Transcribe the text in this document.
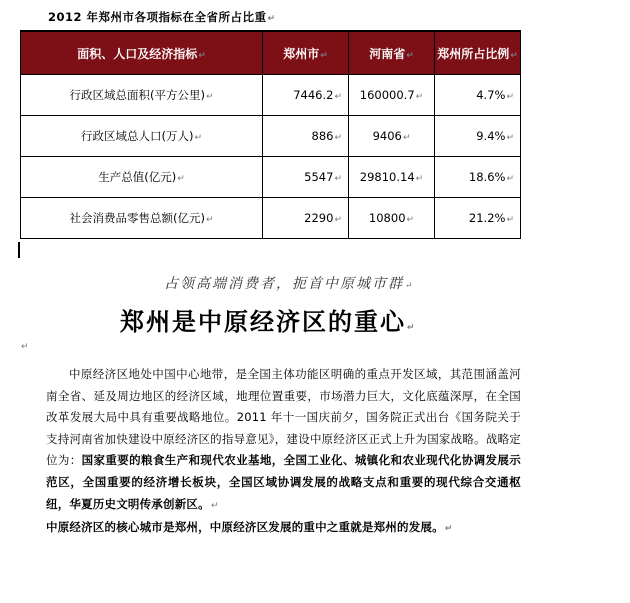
2012 年郑州市各项指标在全省所占比重↵
面积、人口及经济指标↵	郑州市↵	河南省↵	郑州所占比例↵
行政区域总面积(平方公里)↵	7446.2↵	160000.7↵	4.7%↵
行政区域总人口(万人)↵	886↵	9406↵	9.4%↵
生产总值(亿元)↵	5547↵	29810.14↵	18.6%↵
社会消费品零售总额(亿元)↵	2290↵	10800↵	21.2%↵
占领高端消费者，扼首中原城市群↵
郑州是中原经济区的重心↵
↵

中原经济区地处中国中心地带，是全国主体功能区明确的重点开发区域，其范围涵盖河南全省、延及周边地区的经济区域，地理位置重要，市场潜力巨大，文化底蕴深厚，在全国改革发展大局中具有重要战略地位。2011 年十一国庆前夕，国务院正式出台《国务院关于支持河南省加快建设中原经济区的指导意见》，建设中原经济区正式上升为国家战略。战略定位为：国家重要的粮食生产和现代农业基地，全国工业化、城镇化和农业现代化协调发展示范区，全国重要的经济增长板块，全国区域协调发展的战略支点和重要的现代综合交通枢纽，华夏历史文明传承创新区。↵

中原经济区的核心城市是郑州，中原经济区发展的重中之重就是郑州的发展。↵
